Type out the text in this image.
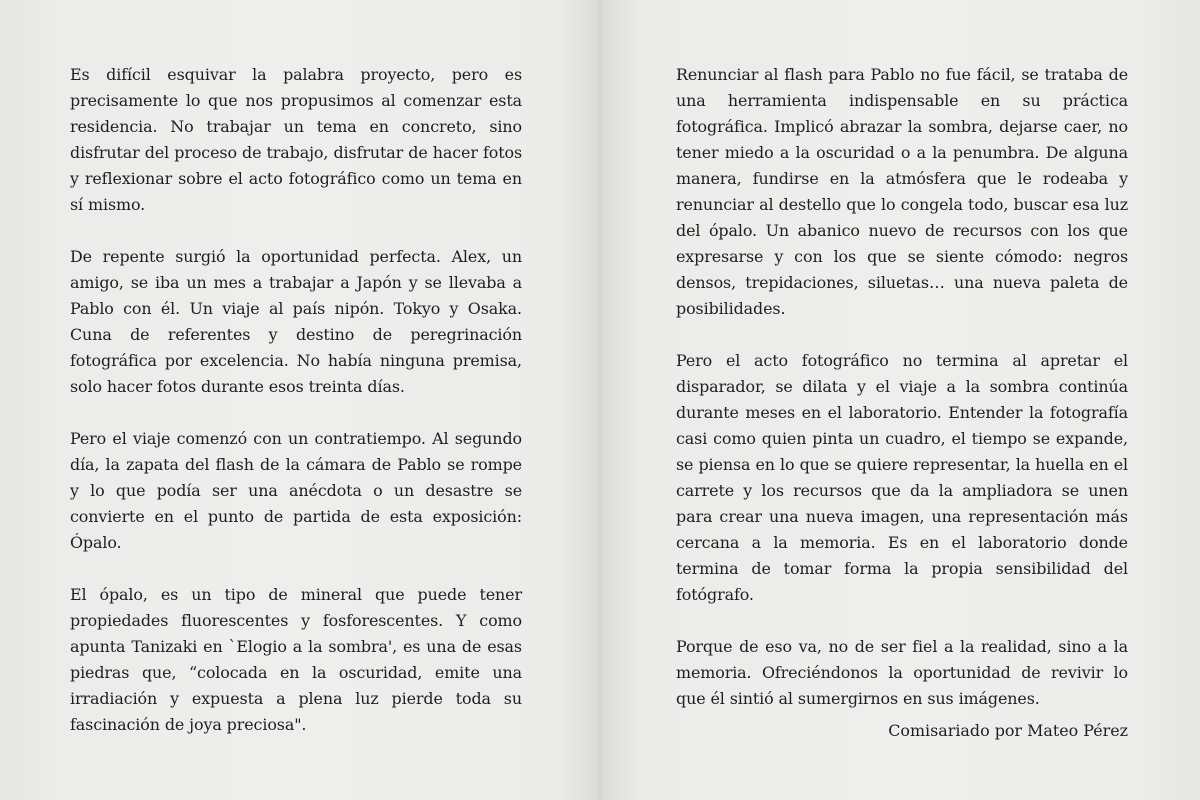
Es difícil esquivar la palabra proyecto, pero es precisamente lo que nos propusimos al comenzar esta residencia. No trabajar un tema en concreto, sino disfrutar del proceso de trabajo, disfrutar de hacer fotos y reflexionar sobre el acto fotográfico como un tema en sí mismo.

De repente surgió la oportunidad perfecta. Alex, un amigo, se iba un mes a trabajar a Japón y se llevaba a Pablo con él. Un viaje al país nipón. Tokyo y Osaka. Cuna de referentes y destino de peregrinación fotográfica por excelencia. No había ninguna premisa, solo hacer fotos durante esos treinta días.

Pero el viaje comenzó con un contratiempo. Al segundo día, la zapata del flash de la cámara de Pablo se rompe y lo que podía ser una anécdota o un desastre se convierte en el punto de partida de esta exposición: Ópalo.

El ópalo, es un tipo de mineral que puede tener propiedades fluorescentes y fosforescentes. Y como apunta Tanizaki en `Elogio a la sombra', es una de esas piedras que, “colocada en la oscuridad, emite una irradiación y expuesta a plena luz pierde toda su fascinación de joya preciosa".

Renunciar al flash para Pablo no fue fácil, se trataba de una herramienta indispensable en su práctica fotográfica. Implicó abrazar la sombra, dejarse caer, no tener miedo a la oscuridad o a la penumbra. De alguna manera, fundirse en la atmósfera que le rodeaba y renunciar al destello que lo congela todo, buscar esa luz del ópalo. Un abanico nuevo de recursos con los que expresarse y con los que se siente cómodo: negros densos, trepidaciones, siluetas… una nueva paleta de posibilidades.

Pero el acto fotográfico no termina al apretar el disparador, se dilata y el viaje a la sombra continúa durante meses en el laboratorio. Entender la fotografía casi como quien pinta un cuadro, el tiempo se expande, se piensa en lo que se quiere representar, la huella en el carrete y los recursos que da la ampliadora se unen para crear una nueva imagen, una representación más cercana a la memoria. Es en el laboratorio donde termina de tomar forma la propia sensibilidad del fotógrafo.

Porque de eso va, no de ser fiel a la realidad, sino a la memoria. Ofreciéndonos la oportunidad de revivir lo que él sintió al sumergirnos en sus imágenes.

Comisariado por Mateo Pérez
